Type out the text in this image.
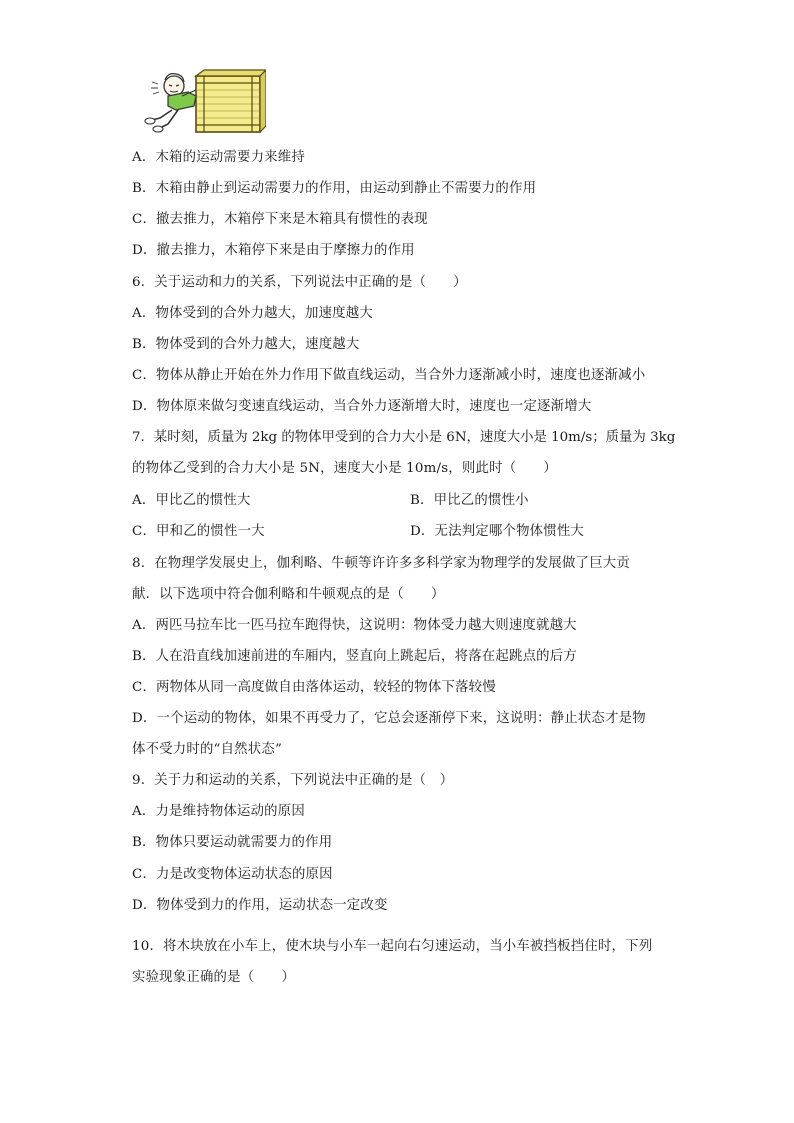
A．木箱的运动需要力来维持
B．木箱由静止到运动需要力的作用，由运动到静止不需要力的作用
C．撤去推力，木箱停下来是木箱具有惯性的表现
D．撤去推力，木箱停下来是由于摩擦力的作用
6．关于运动和力的关系，下列说法中正确的是（　　）
A．物体受到的合外力越大，加速度越大
B．物体受到的合外力越大，速度越大
C．物体从静止开始在外力作用下做直线运动，当合外力逐渐减小时，速度也逐渐减小
D．物体原来做匀变速直线运动，当合外力逐渐增大时，速度也一定逐渐增大
7．某时刻，质量为 2kg 的物体甲受到的合力大小是 6N，速度大小是 10m/s；质量为 3kg
的物体乙受到的合力大小是 5N，速度大小是 10m/s，则此时（　　）
A．甲比乙的惯性大	B．甲比乙的惯性小
C．甲和乙的惯性一大	D．无法判定哪个物体惯性大
8．在物理学发展史上，伽利略、牛顿等许许多多科学家为物理学的发展做了巨大贡
献．以下选项中符合伽利略和牛顿观点的是（　　）
A．两匹马拉车比一匹马拉车跑得快，这说明：物体受力越大则速度就越大
B．人在沿直线加速前进的车厢内，竖直向上跳起后，将落在起跳点的后方
C．两物体从同一高度做自由落体运动，较轻的物体下落较慢
D．一个运动的物体，如果不再受力了，它总会逐渐停下来，这说明：静止状态才是物
体不受力时的“自然状态”
9．关于力和运动的关系，下列说法中正确的是（　）
A．力是维持物体运动的原因
B．物体只要运动就需要力的作用
C．力是改变物体运动状态的原因
D．物体受到力的作用，运动状态一定改变
10．将木块放在小车上，使木块与小车一起向右匀速运动，当小车被挡板挡住时，下列
实验现象正确的是（　　）
